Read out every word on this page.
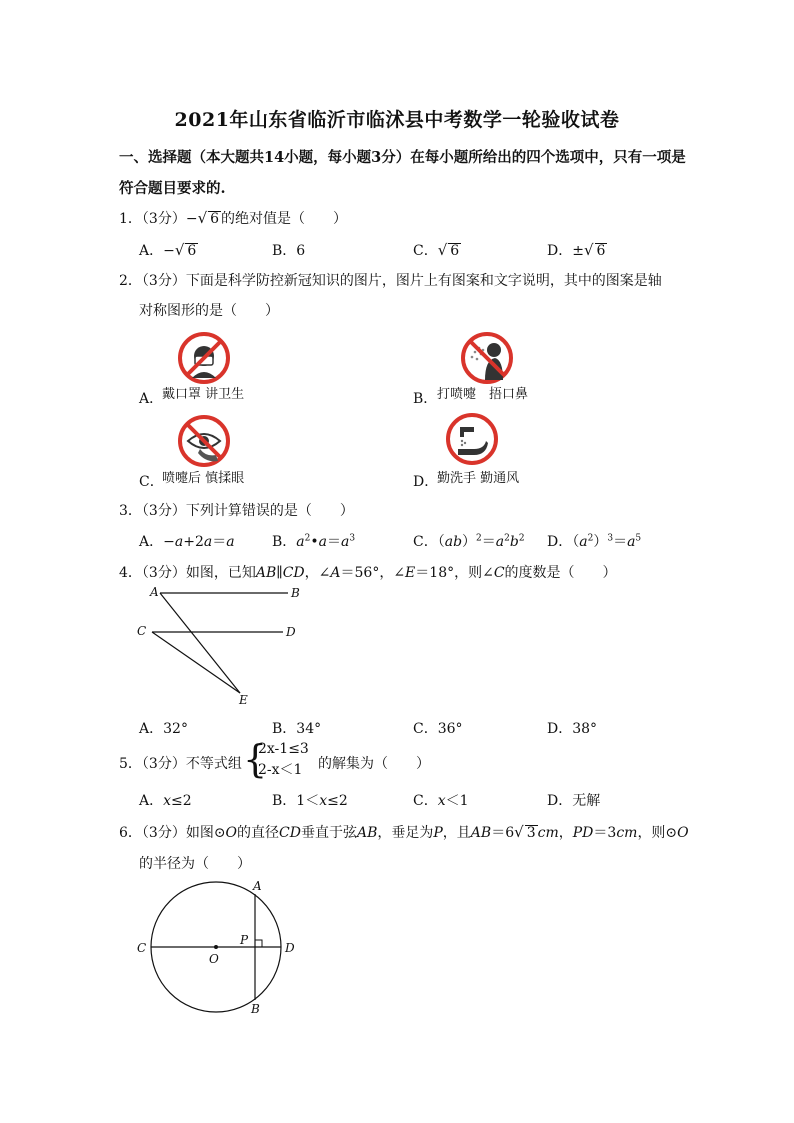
2021年山东省临沂市临沭县中考数学一轮验收试卷
一、选择题（本大题共14小题，每小题3分）在每小题所给出的四个选项中，只有一项是
符合题目要求的.
1．（3分）−√ 6 的绝对值是（　　）
A．−√ 6	B．6	C．√ 6	D．±√ 6
2．（3分）下面是科学防控新冠知识的图片，图片上有图案和文字说明，其中的图案是轴
对称图形的是（　　）
A．
戴口罩 讲卫生	B． 打喷嚏　捂口鼻
C．
喷嚏后 慎揉眼	D．
勤洗手 勤通风
3．（3分）下列计算错误的是（　　）
A．−a+2a＝a	B．$a^2•a=a^3$	C．$(ab)^2=a^2b^2$ D．$(a^2)^3=a^5$
4．（3分）如图，已知AB∥CD，∠A＝56°，∠E＝18°，则∠C的度数是（　　）
A	B
C	D
E
A．32°	B．34°	C．36°	D．38°
5．（3分）不等式组 {
2x-1≤3
2-x＜1 的解集为（　　）
A．x≤2	B．1＜x≤2	C．x＜1	D．无解
6．（3分）如图⊙O的直径CD垂直于弦AB，垂足为P，且AB＝6√ 3 cm，PD＝3cm，则⊙O
的半径为（　　）
A
B
C	D
O
P
